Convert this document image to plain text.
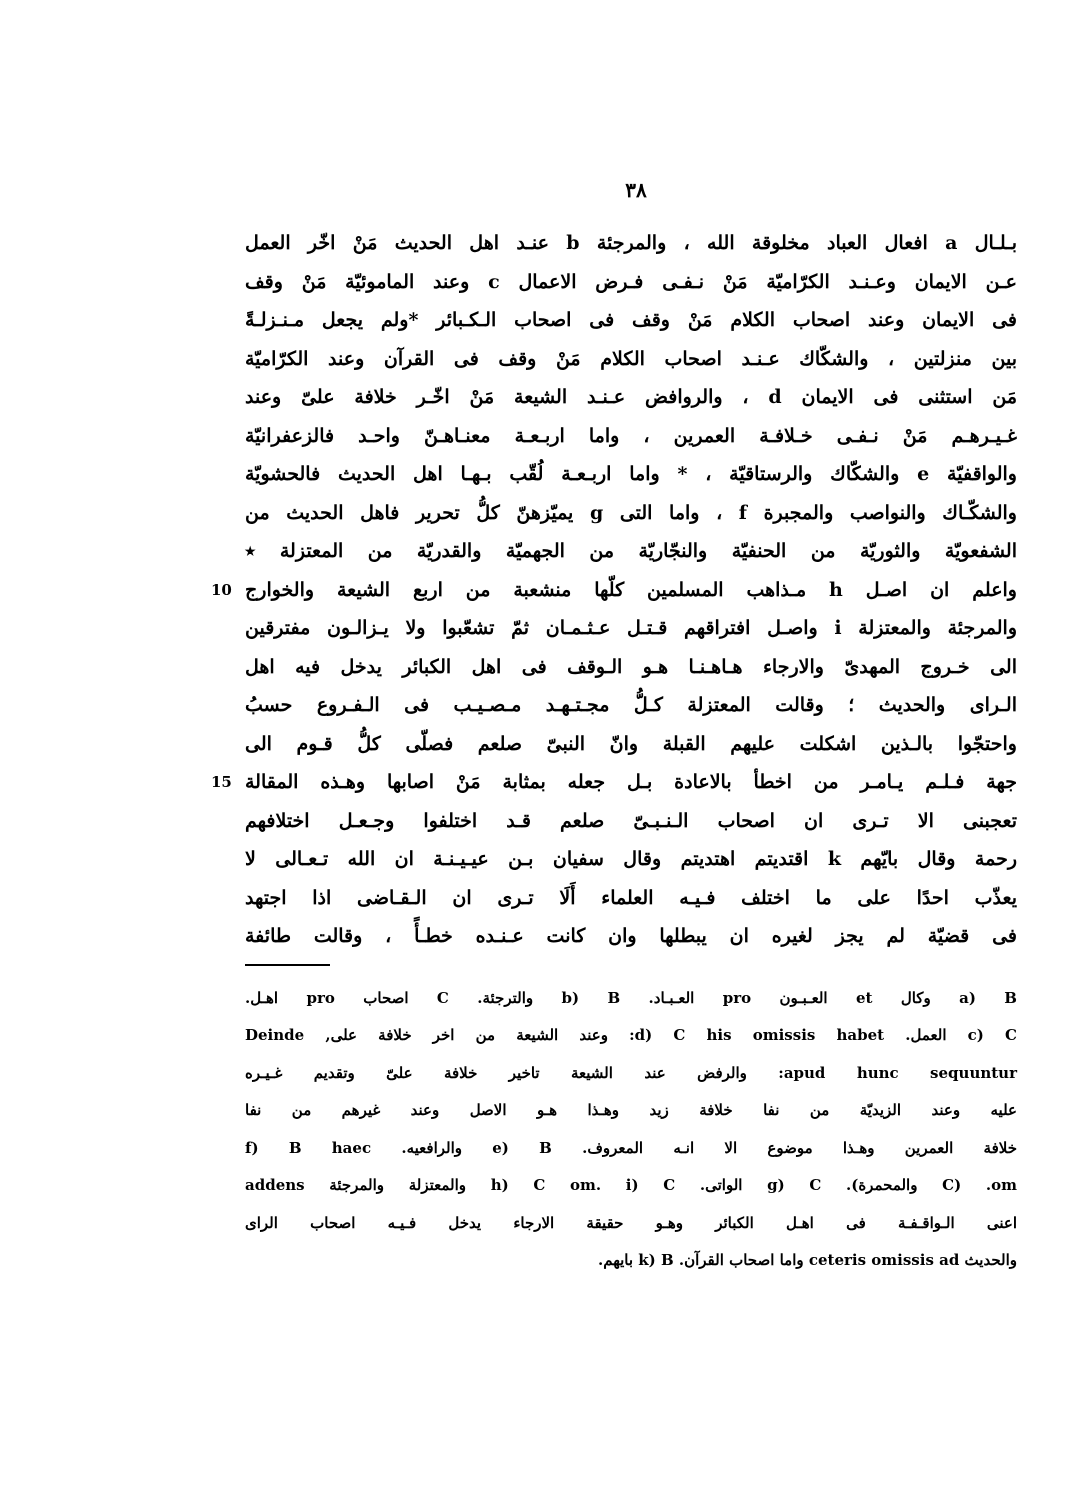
٣٨
بـلـال a افعال العباد مخلوقة الله ، والمرجئة b عنـد اهل الحديث مَنْ اخّر العمل
عـن الايمان وعـنـد الكرّاميّة مَنْ نـفـى فـرض الاعمال c وعند الماموئيّة مَنْ وقف
فى الايمان وعند اصحاب الكلام مَنْ وقف فى اصحاب الـكـبائر *ولم يجعل مـنـزلـةً
بين منزلتين ، والشكّاك عـنـد اصحاب الكلام مَنْ وقف فى القرآن وعند الكرّاميّة
مَن استثنى فى الايمان d ، والروافض عـنـد الشيعة مَنْ اخّـر خلافة علىّ وعند
غـيـرهـم مَنْ نـفـى خـلافـة العمرين ، واما اربـعـة معنـاهـنّ واحـد فالزعفرانيّة
والواقفيّة e والشكّاك والرستاقيّة ، * واما اربـعـة لُقّب بـهـا اهل الحديث فالحشويّة
والشكّـاك والنواصب والمجبرة f ، واما التى g يميّزهنّ كلُّ تحرير فاهل الحديث من
الشفعويّة والثوريّة من الحنفيّة والنجّاريّة من الجهميّة والقدريّة من المعتزلة ٭
10 واعلم ان اصـل h مـذاهب المسلمين كلّها منشعبة من اربع الشيعة والخوارج
والمرجئة والمعتزلة i واصـل افتراقهم قـتـل عـثـمـان ثمّ تشعّبوا ولا يـزالـون مفترقين
الى خـروج المهدىّ والارجاء هـاهـنـا هـو الـوقف فى اهل الكبائر يدخل فيه اهل
الـراى والحديث ؛ وقالت المعتزلة كـلُّ مجـتـهـد مـصـيـب فى الـفـروع حسبُ
واحتجّوا بالـذين اشكلت عليهم القبلة وانّ النبىّ صلعم فصلّى كلُّ قـوم الى
15 جهة فـلـم يـامـر من اخطأ بالاعادة بـل جعله بمثابة مَنْ اصابها وهـذه المقالة
تعجبنى الا تـرى ان اصحاب الـنـبـىّ صلعم قـد اختلفوا وجـعـل اختلافهم
رحمة وقال بايّهم k اقتديتم اهتديتم وقال سفيان بـن عيـيـنـة ان الله تـعـالى لا
يعذّب احدًا على ما اختلف فـيـه العلماء أَلَا تـرى ان الـقـاضى اذا اجتهد
فى قضيّة لم يجز لغيره ان يبطلها وان كانت عـنـده خطـأً ، وقالت طائفة
a) B وكال et العـبـون pro العـبـاد. b) B والترجئة. C اصحاب pro اهـل.
c) C العمل. d) C his omissis habet: وعند الشيعة من اخر خلافة على, Deinde
apud hunc sequuntur: والرفض عند الشيعة تاخير خلافة علىّ وتقديم غـيـره
عليه وعند الزيديّة من نفا خلافة زيد وهـذا هـو الاصل وعند غيرهم من نفا
خلافة العمرين وهـذا موضوع الا انـه المعروف. e) B والرافعيه. f) B haec
om. (C والمحمرة). g) C الواتى. h) C om. i) C والمعتزلة والمرجئة addens
اعنى الـواقـفـة فى اهـل الكبائر وهـو حقيقة الارجاء يدخل فـيـه اصحاب الراى
والحديث ceteris omissis ad واما اصحاب القرآن. k) B بايهم.
